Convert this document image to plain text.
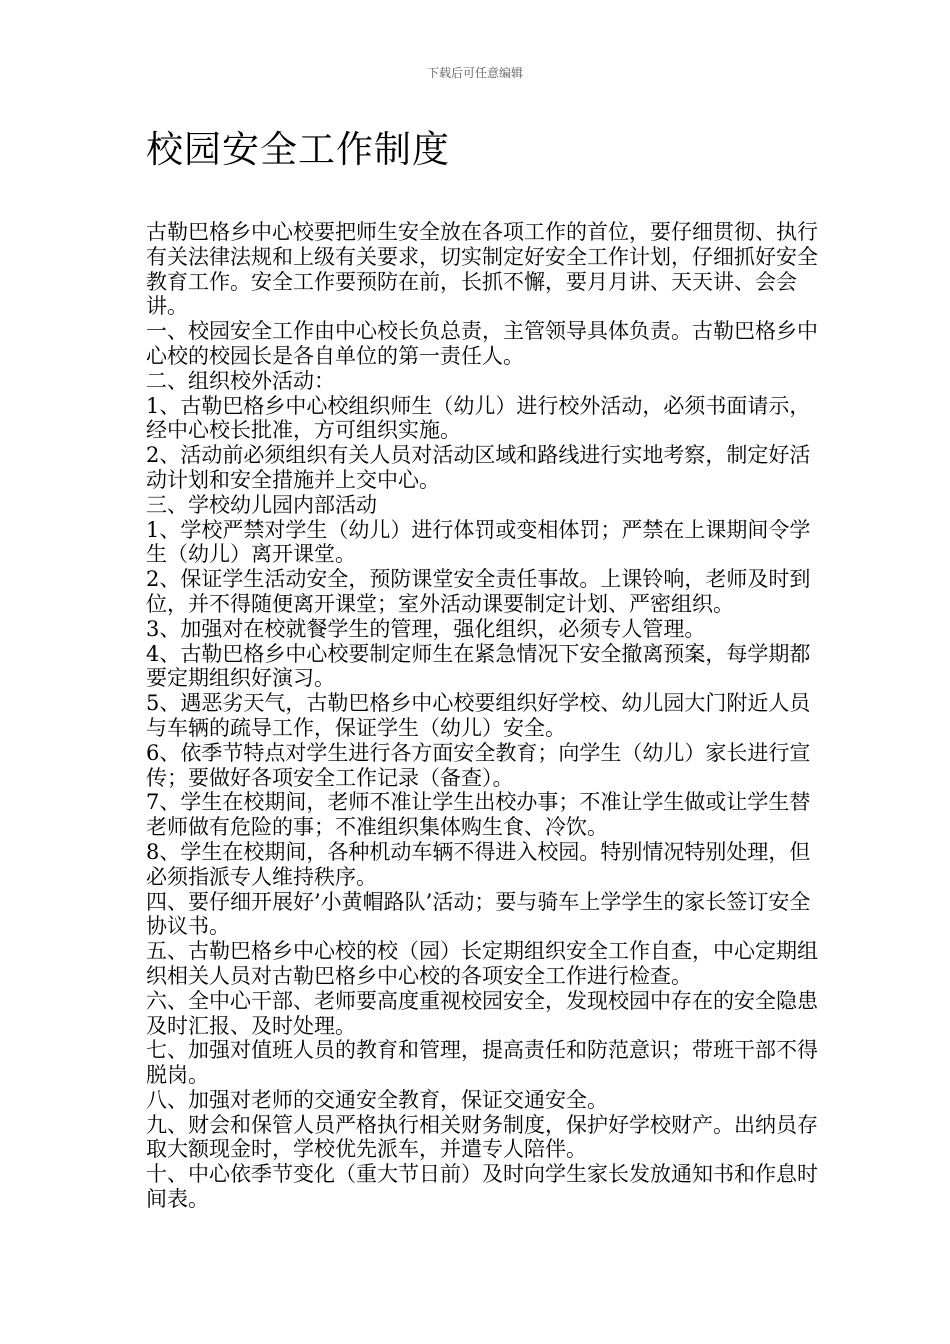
下载后可任意编辑
校园安全工作制度

古勒巴格乡中心校要把师生安全放在各项工作的首位，要仔细贯彻、执行有关法律法规和上级有关要求，切实制定好安全工作计划，仔细抓好安全教育工作。安全工作要预防在前，长抓不懈，要月月讲、天天讲、会会讲。

一、校园安全工作由中心校长负总责，主管领导具体负责。古勒巴格乡中心校的校园长是各自单位的第一责任人。

二、组织校外活动：

1、古勒巴格乡中心校组织师生（幼儿）进行校外活动，必须书面请示，经中心校长批准，方可组织实施。

2、活动前必须组织有关人员对活动区域和路线进行实地考察，制定好活动计划和安全措施并上交中心。

三、学校幼儿园内部活动

1、学校严禁对学生（幼儿）进行体罚或变相体罚；严禁在上课期间令学生（幼儿）离开课堂。

2、保证学生活动安全，预防课堂安全责任事故。上课铃响，老师及时到位，并不得随便离开课堂；室外活动课要制定计划、严密组织。

3、加强对在校就餐学生的管理，强化组织，必须专人管理。

4、古勒巴格乡中心校要制定师生在紧急情况下安全撤离预案，每学期都要定期组织好演习。

5、遇恶劣天气，古勒巴格乡中心校要组织好学校、幼儿园大门附近人员与车辆的疏导工作，保证学生（幼儿）安全。

6、依季节特点对学生进行各方面安全教育；向学生（幼儿）家长进行宣传；要做好各项安全工作记录（备查）。

7、学生在校期间，老师不准让学生出校办事；不准让学生做或让学生替老师做有危险的事；不准组织集体购生食、冷饮。

8、学生在校期间，各种机动车辆不得进入校园。特别情况特别处理，但必须指派专人维持秩序。

四、要仔细开展好’小黄帽路队’活动；要与骑车上学学生的家长签订安全协议书。

五、古勒巴格乡中心校的校（园）长定期组织安全工作自查，中心定期组织相关人员对古勒巴格乡中心校的各项安全工作进行检查。

六、全中心干部、老师要高度重视校园安全，发现校园中存在的安全隐患及时汇报、及时处理。

七、加强对值班人员的教育和管理，提高责任和防范意识；带班干部不得脱岗。

八、加强对老师的交通安全教育，保证交通安全。

九、财会和保管人员严格执行相关财务制度，保护好学校财产。出纳员存取大额现金时，学校优先派车，并遣专人陪伴。

十、中心依季节变化（重大节日前）及时向学生家长发放通知书和作息时间表。
